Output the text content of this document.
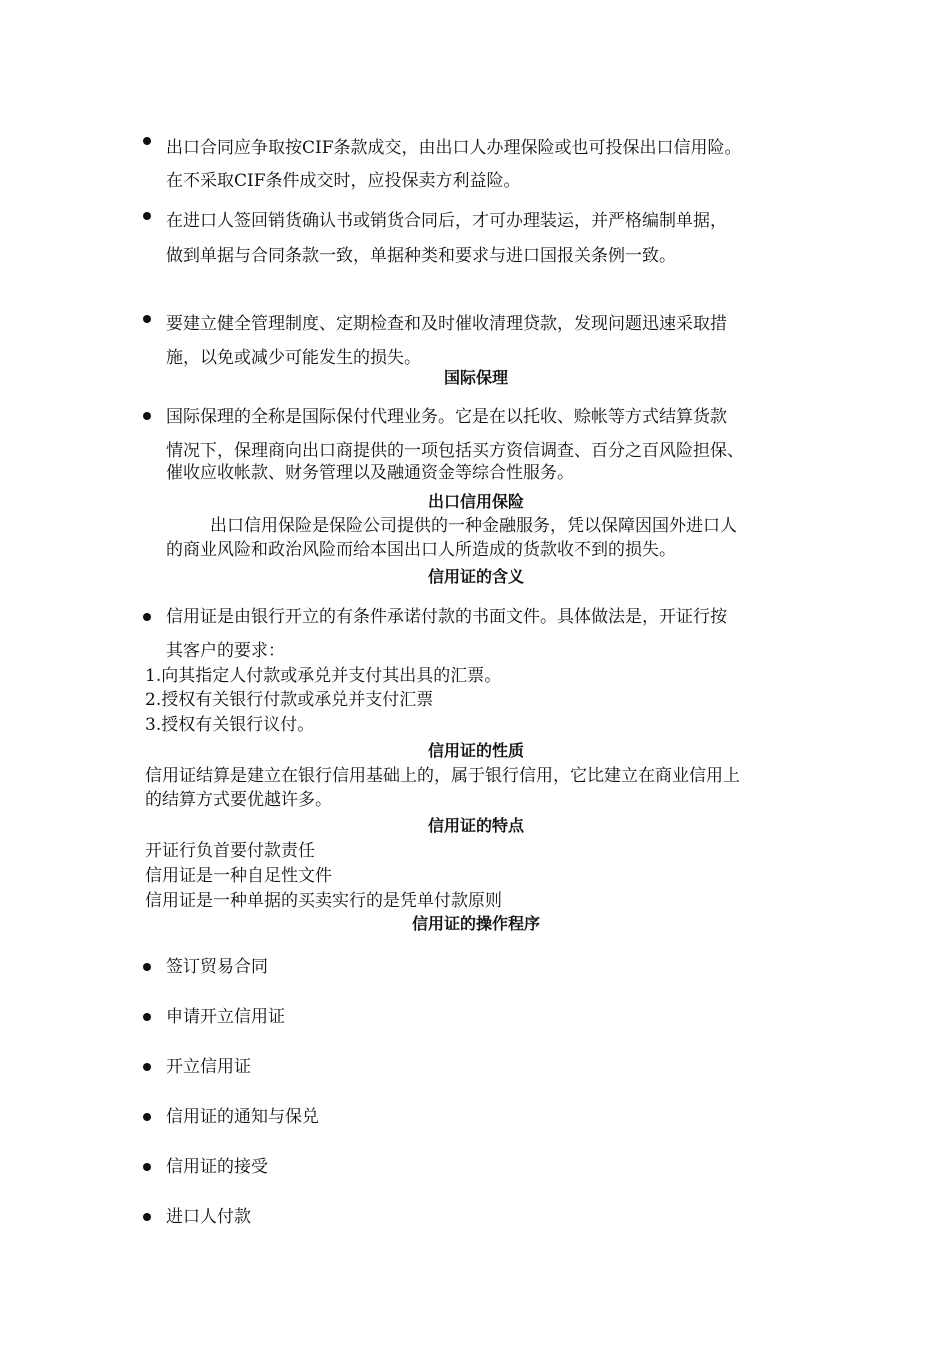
出口合同应争取按CIF条款成交，由出口人办理保险或也可投保出口信用险。
在不采取CIF条件成交时，应投保卖方利益险。
在进口人签回销货确认书或销货合同后，才可办理装运，并严格编制单据，
做到单据与合同条款一致，单据种类和要求与进口国报关条例一致。
要建立健全管理制度、定期检查和及时催收清理贷款，发现问题迅速采取措
施，以免或减少可能发生的损失。
国际保理
国际保理的全称是国际保付代理业务。它是在以托收、赊帐等方式结算货款
情况下，保理商向出口商提供的一项包括买方资信调查、百分之百风险担保、
催收应收帐款、财务管理以及融通资金等综合性服务。
出口信用保险
出口信用保险是保险公司提供的一种金融服务，凭以保障因国外进口人
的商业风险和政治风险而给本国出口人所造成的货款收不到的损失。
信用证的含义
信用证是由银行开立的有条件承诺付款的书面文件。具体做法是，开证行按
其客户的要求：
1.向其指定人付款或承兑并支付其出具的汇票。
2.授权有关银行付款或承兑并支付汇票
3.授权有关银行议付。
信用证的性质
信用证结算是建立在银行信用基础上的，属于银行信用，它比建立在商业信用上
的结算方式要优越许多。
信用证的特点
开证行负首要付款责任
信用证是一种自足性文件
信用证是一种单据的买卖实行的是凭单付款原则
信用证的操作程序
签订贸易合同
申请开立信用证
开立信用证
信用证的通知与保兑
信用证的接受
进口人付款
